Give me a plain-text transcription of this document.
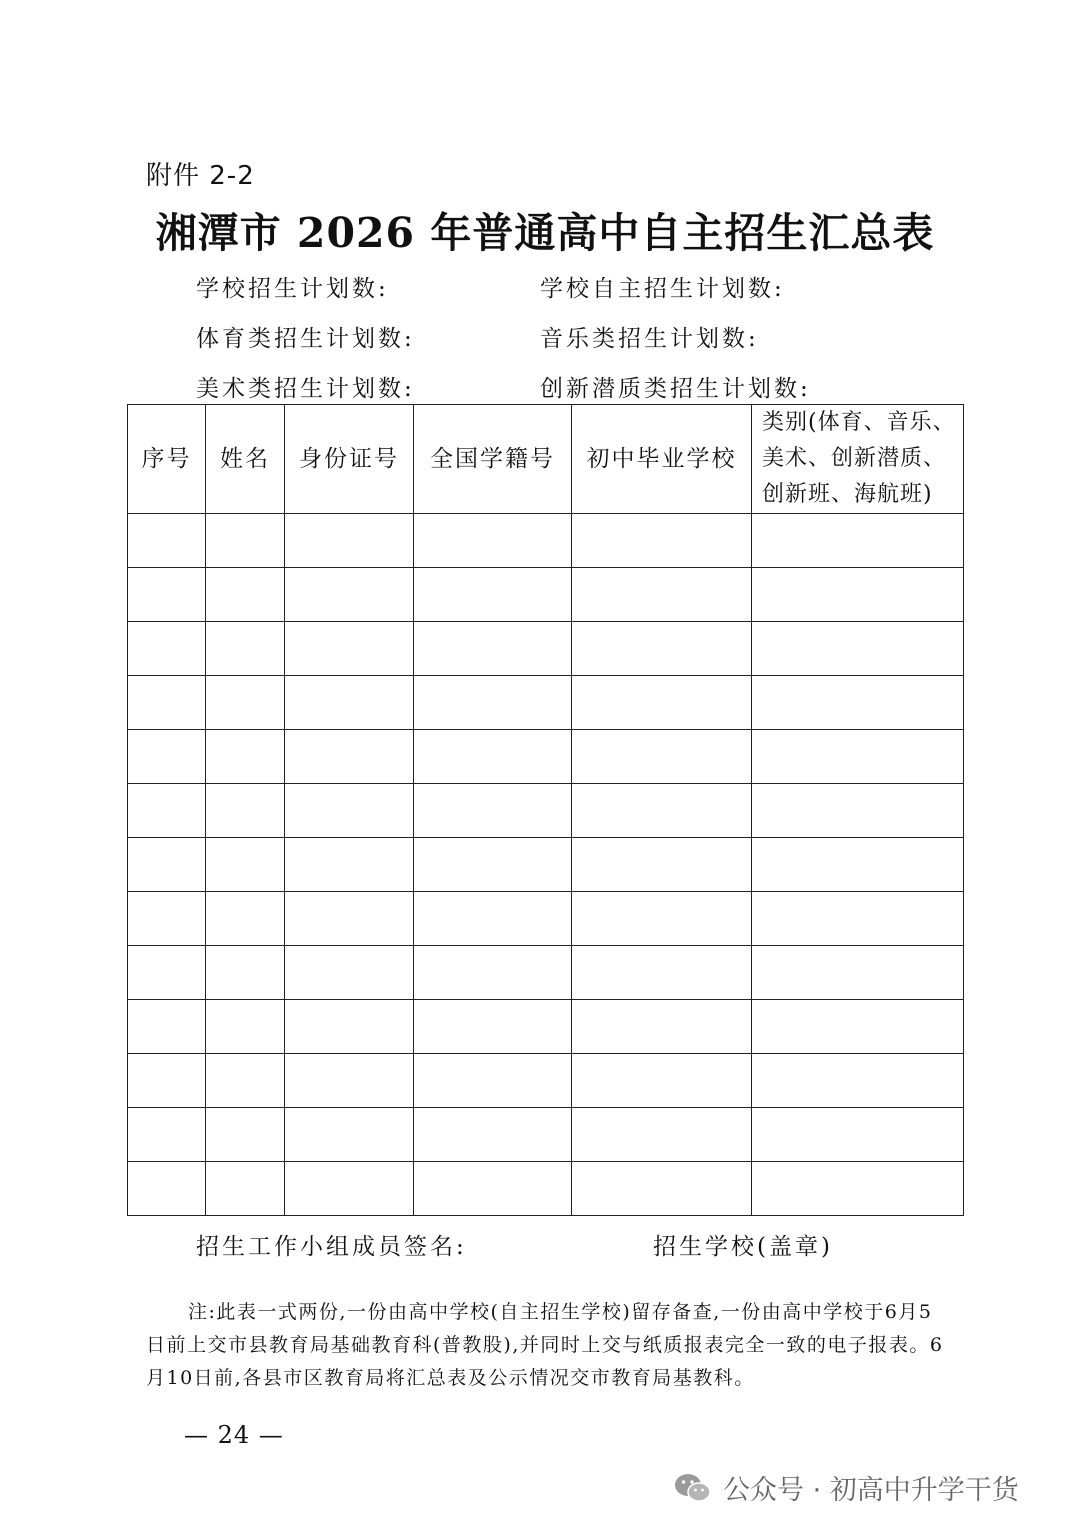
附件 2-2
湘潭市 2026 年普通高中自主招生汇总表
学校招生计划数:	学校自主招生计划数:
体育类招生计划数:	音乐类招生计划数:
美术类招生计划数:	创新潜质类招生计划数:
序号	姓名	身份证号	全国学籍号	初中毕业学校	类别(体育、音乐、
美术、创新潜质、
创新班、海航班)

招生工作小组成员签名:	招生学校(盖章)
注:此表一式两份,一份由高中学校(自主招生学校)留存备查,一份由高中学校于6月5日前上交市县教育局基础教育科(普教股),并同时上交与纸质报表完全一致的电子报表。6月10日前,各县市区教育局将汇总表及公示情况交市教育局基教科。
— 24 —
公众号 · 初高中升学干货
